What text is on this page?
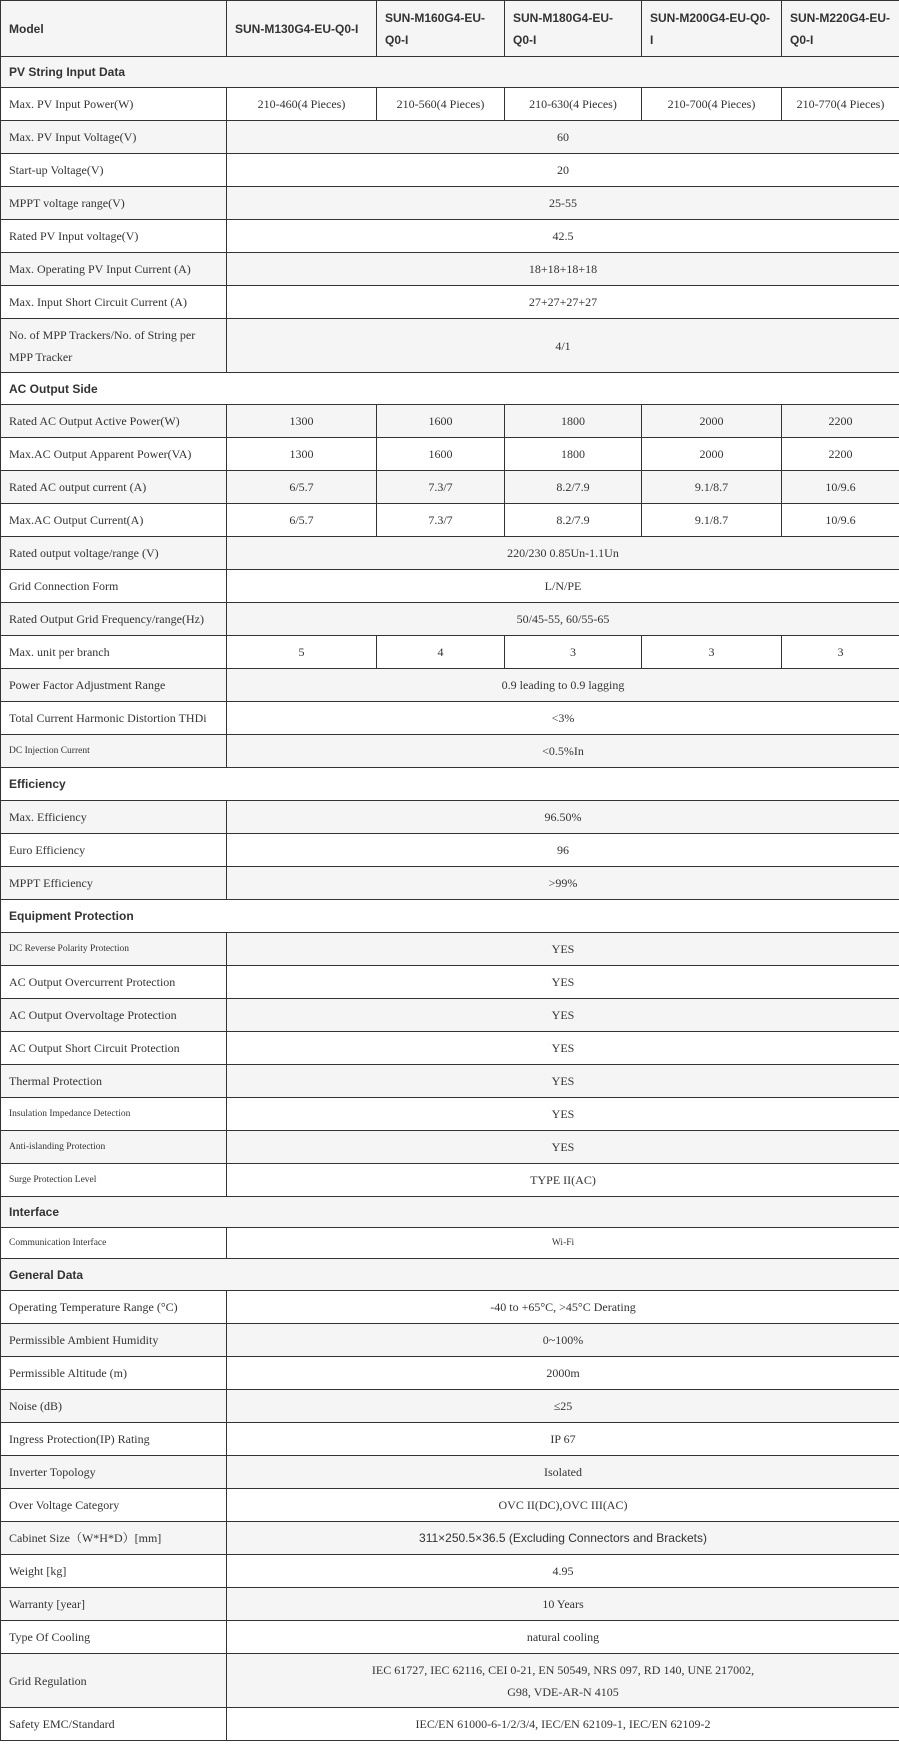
Model	SUN-M130G4-EU-Q0-I	SUN-M160G4-EU-Q0-I	SUN-M180G4-EU-Q0-I	SUN-M200G4-EU-Q0-I	SUN-M220G4-EU-Q0-I
PV String Input Data					
Max. PV Input Power(W)	210-460(4 Pieces)	210-560(4 Pieces)	210-630(4 Pieces)	210-700(4 Pieces)	210-770(4 Pieces)
Max. PV Input Voltage(V)	60				
Start-up Voltage(V)	20				
MPPT voltage range(V)	25-55				
Rated PV Input voltage(V)	42.5				
Max. Operating PV Input Current (A)	18+18+18+18				
Max. Input Short Circuit Current (A)	27+27+27+27				
No. of MPP Trackers/No. of String per MPP Tracker	4/1				
AC Output Side					
Rated AC Output Active Power(W)	1300	1600	1800	2000	2200
Max.AC Output Apparent Power(VA)	1300	1600	1800	2000	2200
Rated AC output current (A)	6/5.7	7.3/7	8.2/7.9	9.1/8.7	10/9.6
Max.AC Output Current(A)	6/5.7	7.3/7	8.2/7.9	9.1/8.7	10/9.6
Rated output voltage/range (V)	220/230 0.85Un-1.1Un				
Grid Connection Form	L/N/PE				
Rated Output Grid Frequency/range(Hz)	50/45-55, 60/55-65				
Max. unit per branch	5	4	3	3	3
Power Factor Adjustment Range	0.9 leading to 0.9 lagging				
Total Current Harmonic Distortion THDi	<3%				
DC Injection Current	<0.5%In				
Efficiency					
Max. Efficiency	96.50%				
Euro Efficiency	96				
MPPT Efficiency	>99%				
Equipment Protection					
DC Reverse Polarity Protection	YES				
AC Output Overcurrent Protection	YES				
AC Output Overvoltage Protection	YES				
AC Output Short Circuit Protection	YES				
Thermal Protection	YES				
Insulation Impedance Detection	YES				
Anti-islanding Protection	YES				
Surge Protection Level	TYPE II(AC)				
Interface					
Communication Interface	Wi-Fi				
General Data					
Operating Temperature Range (°C)	-40 to +65°C, >45°C Derating				
Permissible Ambient Humidity	0~100%				
Permissible Altitude (m)	2000m				
Noise (dB)	≤25				
Ingress Protection(IP) Rating	IP 67				
Inverter Topology	Isolated				
Over Voltage Category	OVC II(DC),OVC III(AC)				
Cabinet Size（W*H*D）[mm]	311×250.5×36.5 (Excluding Connectors and Brackets)				
Weight [kg]	4.95				
Warranty [year]	10 Years				
Type Of Cooling	natural cooling				
Grid Regulation	IEC 61727, IEC 62116, CEI 0-21, EN 50549, NRS 097, RD 140, UNE 217002,
G98, VDE-AR-N 4105				

Safety EMC/Standard	IEC/EN 61000-6-1/2/3/4, IEC/EN 62109-1, IEC/EN 62109-2				
